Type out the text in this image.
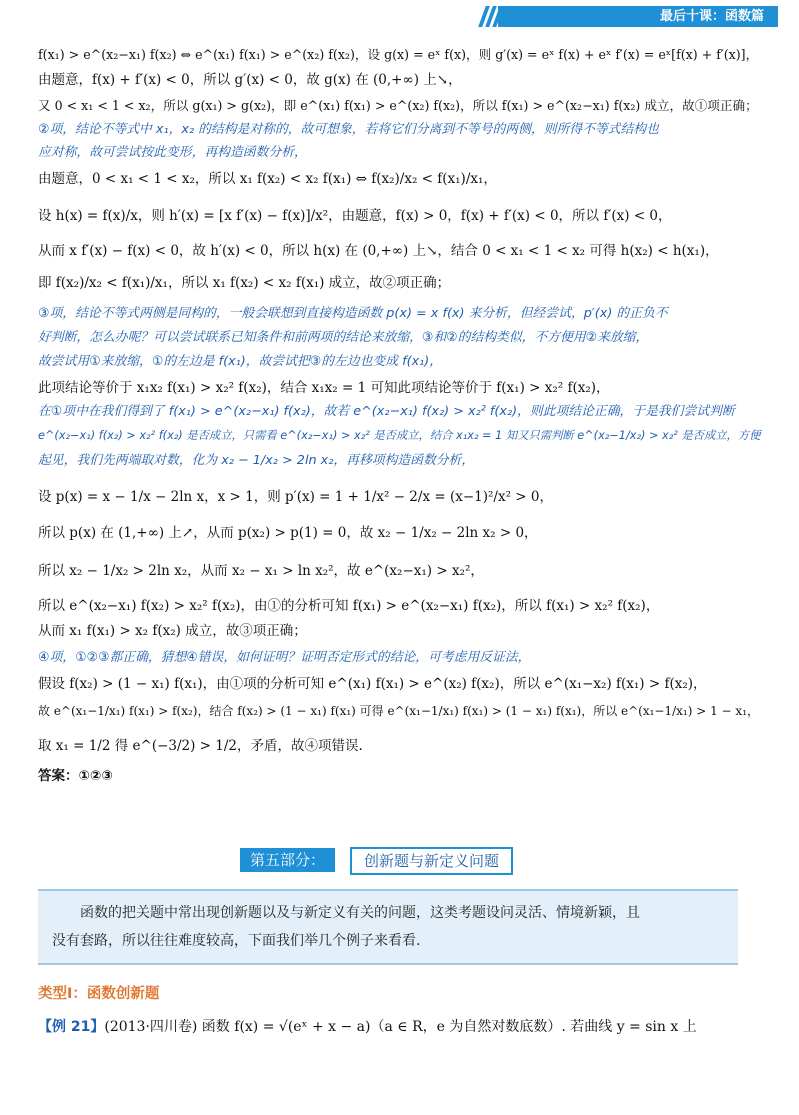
最后十课：函数篇
f(x₁) > e^(x₂−x₁) f(x₂) ⇔ e^(x₁) f(x₁) > e^(x₂) f(x₂)，设 g(x) = eˣ f(x)，则 g′(x) = eˣ f(x) + eˣ f′(x) = eˣ[f(x) + f′(x)]，
由题意，f(x) + f′(x) < 0，所以 g′(x) < 0，故 g(x) 在 (0,+∞) 上↘，
又 0 < x₁ < 1 < x₂，所以 g(x₁) > g(x₂)，即 e^(x₁) f(x₁) > e^(x₂) f(x₂)，所以 f(x₁) > e^(x₂−x₁) f(x₂) 成立，故①项正确；
②项，结论不等式中 x₁，x₂ 的结构是对称的，故可想象，若将它们分离到不等号的两侧，则所得不等式结构也
应对称，故可尝试按此变形，再构造函数分析，
由题意，0 < x₁ < 1 < x₂，所以 x₁ f(x₂) < x₂ f(x₁) ⇔ f(x₂)/x₂ < f(x₁)/x₁，
设 h(x) = f(x)/x，则 h′(x) = [x f′(x) − f(x)]/x²，由题意，f(x) > 0，f(x) + f′(x) < 0，所以 f′(x) < 0，
从而 x f′(x) − f(x) < 0，故 h′(x) < 0，所以 h(x) 在 (0,+∞) 上↘，结合 0 < x₁ < 1 < x₂ 可得 h(x₂) < h(x₁)，
即 f(x₂)/x₂ < f(x₁)/x₁，所以 x₁ f(x₂) < x₂ f(x₁) 成立，故②项正确；
③项，结论不等式两侧是同构的，一般会联想到直接构造函数 p(x) = x f(x) 来分析，但经尝试，p′(x) 的正负不
好判断，怎么办呢？可以尝试联系已知条件和前两项的结论来放缩，③和②的结构类似，不方便用②来放缩，
故尝试用①来放缩，①的左边是 f(x₁)，故尝试把③的左边也变成 f(x₁)，
此项结论等价于 x₁x₂ f(x₁) > x₂² f(x₂)，结合 x₁x₂ = 1 可知此项结论等价于 f(x₁) > x₂² f(x₂)，
在①项中在我们得到了 f(x₁) > e^(x₂−x₁) f(x₂)，故若 e^(x₂−x₁) f(x₂) > x₂² f(x₂)，则此项结论正确，于是我们尝试判断
e^(x₂−x₁) f(x₂) > x₂² f(x₂) 是否成立，只需看 e^(x₂−x₁) > x₂² 是否成立，结合 x₁x₂ = 1 知又只需判断 e^(x₂−1/x₂) > x₂² 是否成立，方便
起见，我们先两端取对数，化为 x₂ − 1/x₂ > 2ln x₂，再移项构造函数分析，
设 p(x) = x − 1/x − 2ln x，x > 1，则 p′(x) = 1 + 1/x² − 2/x = (x−1)²/x² > 0，
所以 p(x) 在 (1,+∞) 上↗，从而 p(x₂) > p(1) = 0，故 x₂ − 1/x₂ − 2ln x₂ > 0，
所以 x₂ − 1/x₂ > 2ln x₂，从而 x₂ − x₁ > ln x₂²，故 e^(x₂−x₁) > x₂²，
所以 e^(x₂−x₁) f(x₂) > x₂² f(x₂)，由①的分析可知 f(x₁) > e^(x₂−x₁) f(x₂)，所以 f(x₁) > x₂² f(x₂)，
从而 x₁ f(x₁) > x₂ f(x₂) 成立，故③项正确；
④项，①②③都正确，猜想④错误，如何证明？证明否定形式的结论，可考虑用反证法，
假设 f(x₂) > (1 − x₁) f(x₁)，由①项的分析可知 e^(x₁) f(x₁) > e^(x₂) f(x₂)，所以 e^(x₁−x₂) f(x₁) > f(x₂)，
故 e^(x₁−1/x₁) f(x₁) > f(x₂)，结合 f(x₂) > (1 − x₁) f(x₁) 可得 e^(x₁−1/x₁) f(x₁) > (1 − x₁) f(x₁)，所以 e^(x₁−1/x₁) > 1 − x₁，
取 x₁ = 1/2 得 e^(−3/2) > 1/2，矛盾，故④项错误.
答案：①②③
第五部分：	创新题与新定义问题
函数的把关题中常出现创新题以及与新定义有关的问题，这类考题设问灵活、情境新颖，且
没有套路，所以往往难度较高，下面我们举几个例子来看看.
类型Ⅰ：函数创新题
【例 21】(2013·四川卷) 函数 f(x) = √(eˣ + x − a)（a ∈ R，e 为自然对数底数）. 若曲线 y = sin x 上
